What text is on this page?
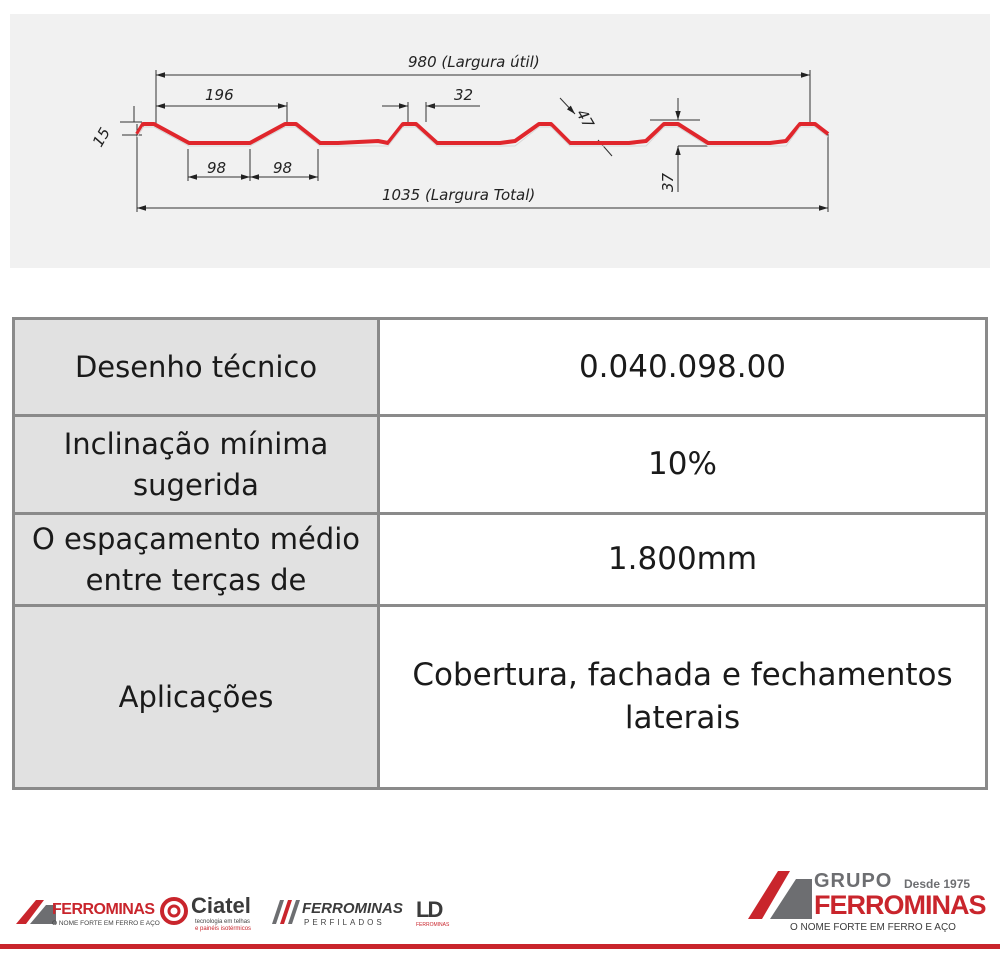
980 (Largura útil)
1035 (Largura Total)
196	32
98	98
47
15
37
Desenho técnico	0.040.098.00
Inclinação mínima sugerida	10%
O espaçamento médio entre terças de	1.800mm
Aplicações	Cobertura, fachada e fechamentos laterais
FERROMINAS
O NOME FORTE EM FERRO E AÇO
Ciatel
tecnologia em telhas
e painéis isotérmicos
FERROMINAS
PERFILADOS
LD
FERROMINAS
GRUPO Desde 1975
FERROMINAS
O NOME FORTE EM FERRO E AÇO
